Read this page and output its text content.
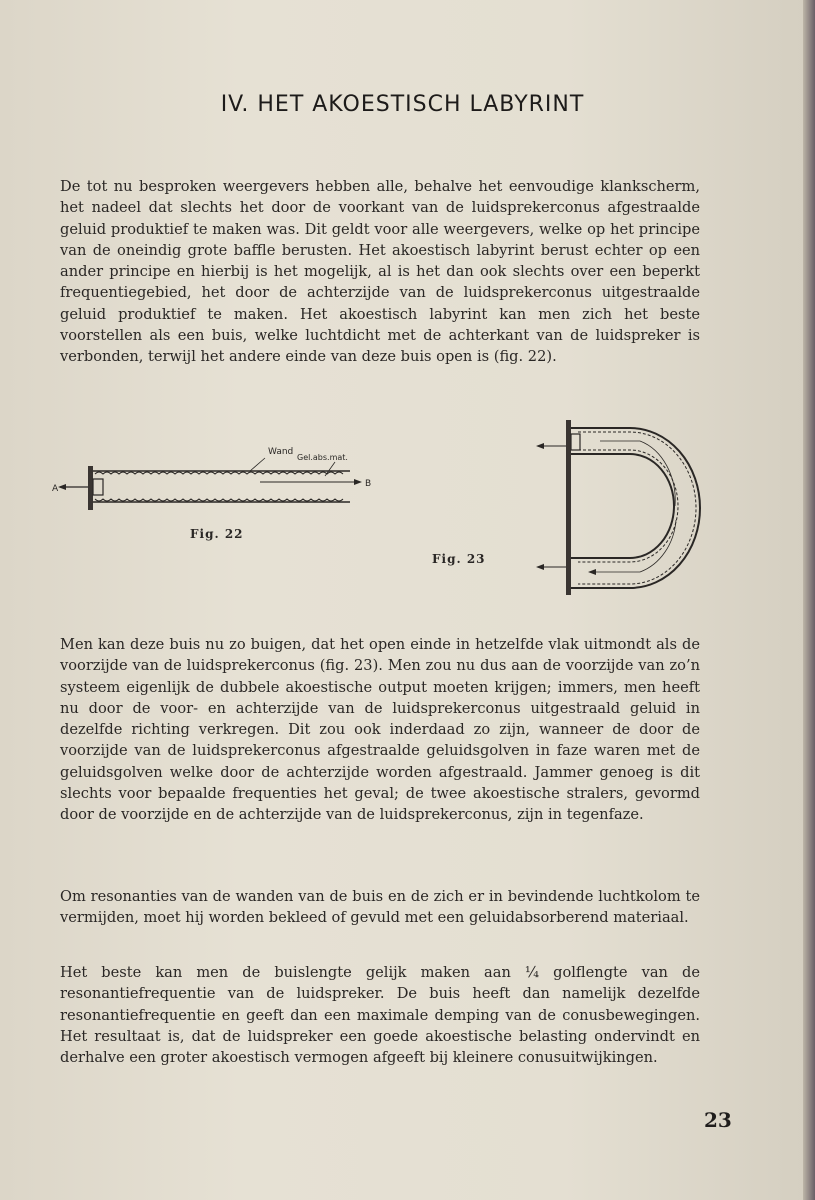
IV. HET AKOESTISCH LABYRINT

De tot nu besproken weergevers hebben alle, behalve het eenvoudige klankscherm, het nadeel dat slechts het door de voorkant van de luidsprekerconus afgestraalde geluid produktief te maken was. Dit geldt voor alle weergevers, welke op het principe van de oneindig grote baffle berusten. Het akoestisch labyrint berust echter op een ander principe en hierbij is het mogelijk, al is het dan ook slechts over een beperkt frequentiegebied, het door de achterzijde van de luidsprekerconus uitgestraalde geluid produktief te maken. Het akoestisch labyrint kan men zich het beste voorstellen als een buis, welke luchtdicht met de achterkant van de luidspreker is verbonden, terwijl het andere einde van deze buis open is (fig. 22).

A	B
Wand
Gel.abs.mat.
Fig. 22
Fig. 23

Men kan deze buis nu zo buigen, dat het open einde in hetzelfde vlak uitmondt als de voorzijde van de luidsprekerconus (fig. 23). Men zou nu dus aan de voorzijde van zo’n systeem eigenlijk de dubbele akoestische output moeten krijgen; immers, men heeft nu door de voor- en achterzijde van de luidsprekerconus uitgestraald geluid in dezelfde richting verkregen. Dit zou ook inderdaad zo zijn, wanneer de door de voorzijde van de luidsprekerconus afgestraalde geluidsgolven in faze waren met de geluidsgolven welke door de achterzijde worden afgestraald. Jammer genoeg is dit slechts voor bepaalde frequenties het geval; de twee akoestische stralers, gevormd door de voorzijde en de achterzijde van de luidsprekerconus, zijn in tegenfaze.

Om resonanties van de wanden van de buis en de zich er in bevindende luchtkolom te vermijden, moet hij worden bekleed of gevuld met een geluidabsorberend materiaal.

Het beste kan men de buislengte gelijk maken aan ¼ golflengte van de resonantiefrequentie van de luidspreker. De buis heeft dan namelijk dezelfde resonantiefrequentie en geeft dan een maximale demping van de conusbewegingen. Het resultaat is, dat de luidspreker een goede akoestische belasting ondervindt en derhalve een groter akoestisch vermogen afgeeft bij kleinere conusuitwijkingen.

23
